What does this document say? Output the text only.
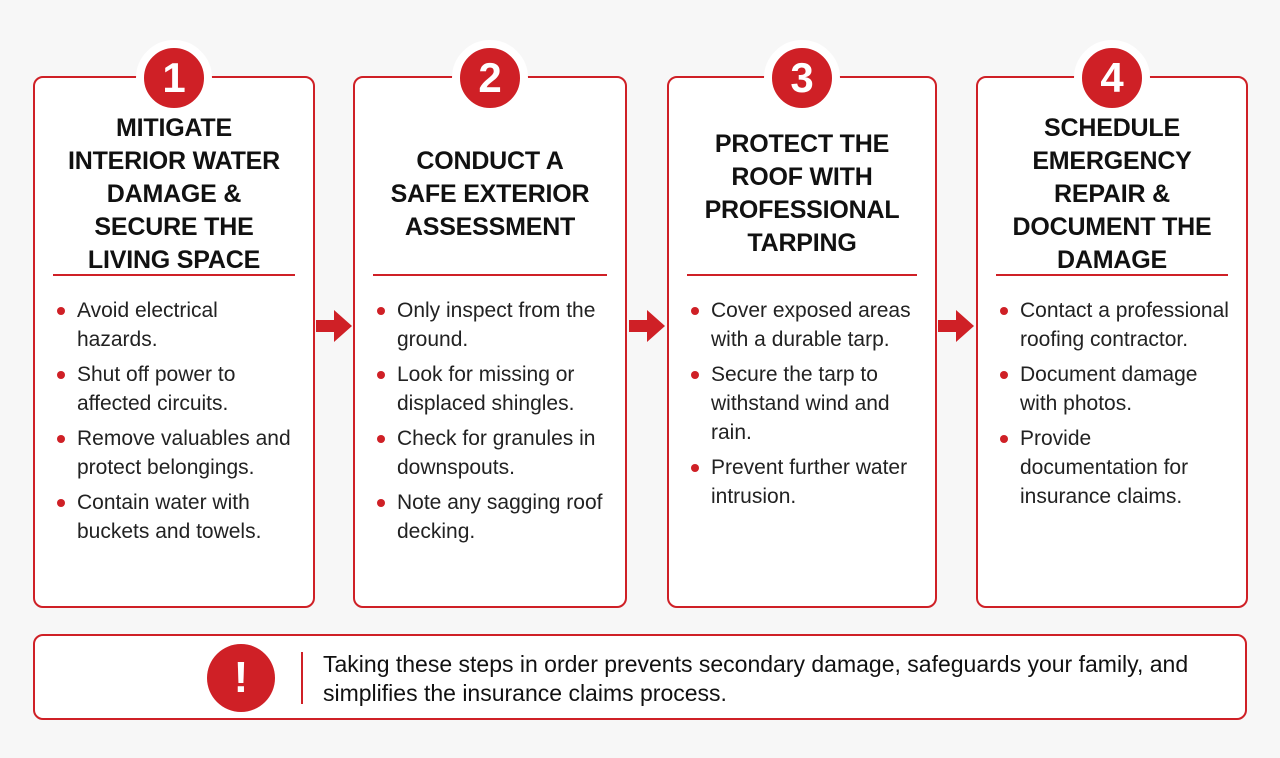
1
MITIGATE INTERIOR WATER DAMAGE & SECURE THE LIVING SPACE
Avoid electrical hazards.
Shut off power to affected circuits.
Remove valuables and protect belongings.
Contain water with buckets and towels.
2
CONDUCT A SAFE EXTERIOR ASSESSMENT
Only inspect from the ground.
Look for missing or displaced shingles.
Check for granules in downspouts.
Note any sagging roof decking.
3
PROTECT THE ROOF WITH PROFESSIONAL TARPING
Cover exposed areas with a durable tarp.
Secure the tarp to withstand wind and rain.
Prevent further water intrusion.
4
SCHEDULE EMERGENCY REPAIR & DOCUMENT THE DAMAGE
Contact a professional roofing contractor.
Document damage with photos.
Provide documentation for insurance claims.
!	Taking these steps in order prevents secondary damage, safeguards your family, and simplifies the insurance claims process.
